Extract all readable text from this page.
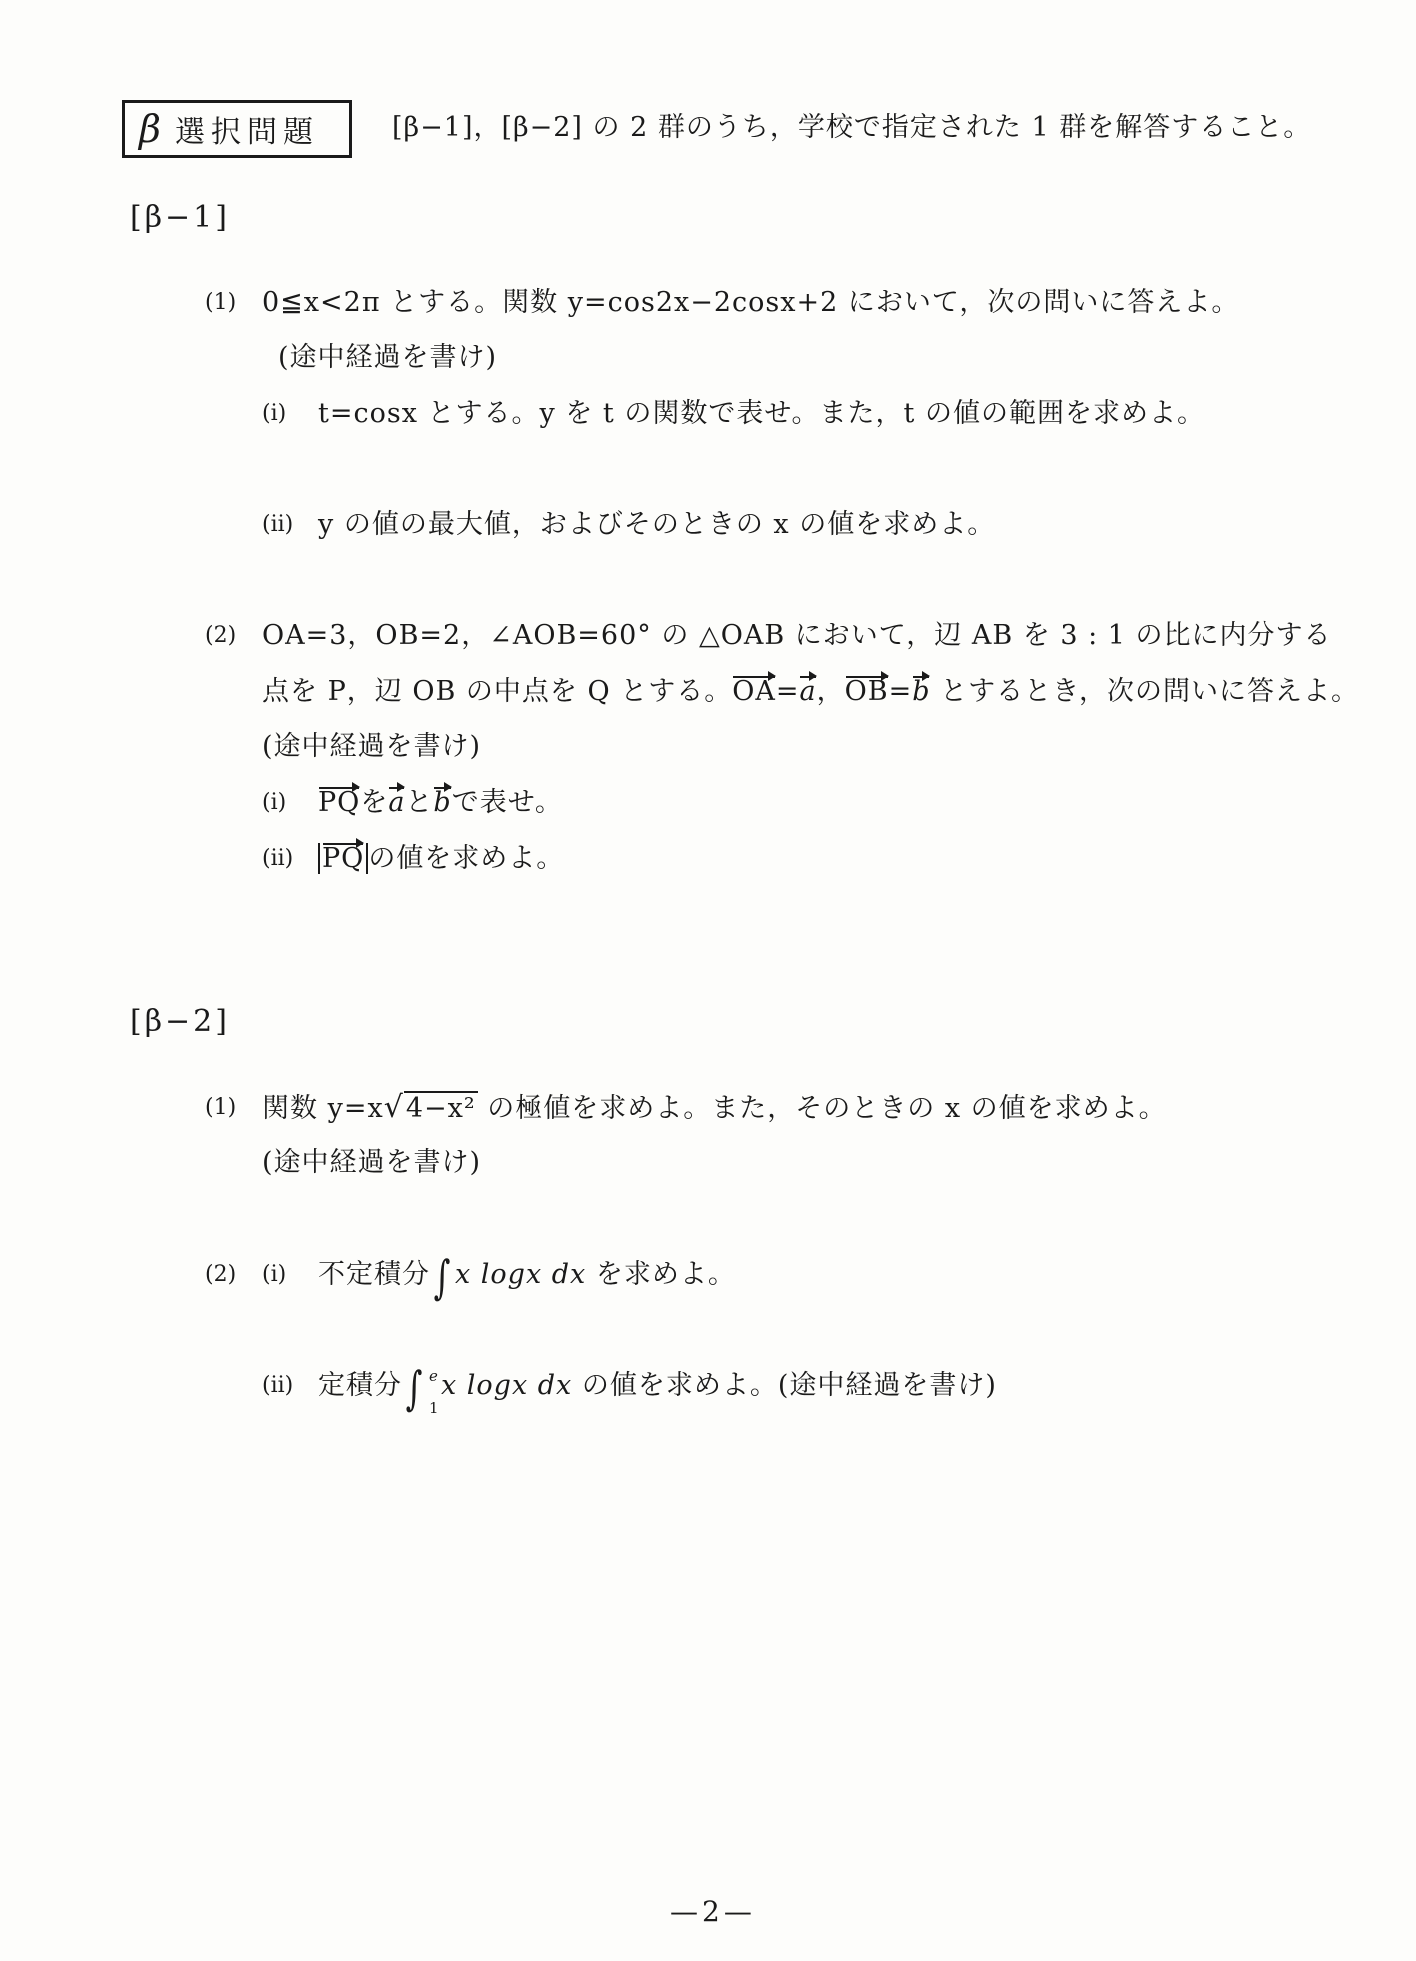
β 選択問題	[β−1]，[β−2] の 2 群のうち，学校で指定された 1 群を解答すること。
[β−1]
(1) 0≦x<2π とする。関数 y=cos2x−2cosx+2 において，次の問いに答えよ。
(途中経過を書け)
(i) t=cosx とする。y を t の関数で表せ。また，t の値の範囲を求めよ。
(ii) y の値の最大値，およびそのときの x の値を求めよ。
(2) OA=3，OB=2，∠AOB=60° の △OAB において，辺 AB を 3 : 1 の比に内分する
点を P，辺 OB の中点を Q とする。OA=a，OB=b とするとき，次の問いに答えよ。
(途中経過を書け)
(i) PQをaとbで表せ。
(ii) PQ の値を求めよ。
[β−2]
(1) 関数 y=x√4−x² の極値を求めよ。また，そのときの x の値を求めよ。
(途中経過を書け)
(2) (i) 不定積分∫ x logx dx を求めよ。
(ii) 定積分∫ e
1
x logx dx の値を求めよ。(途中経過を書け)
—2—
